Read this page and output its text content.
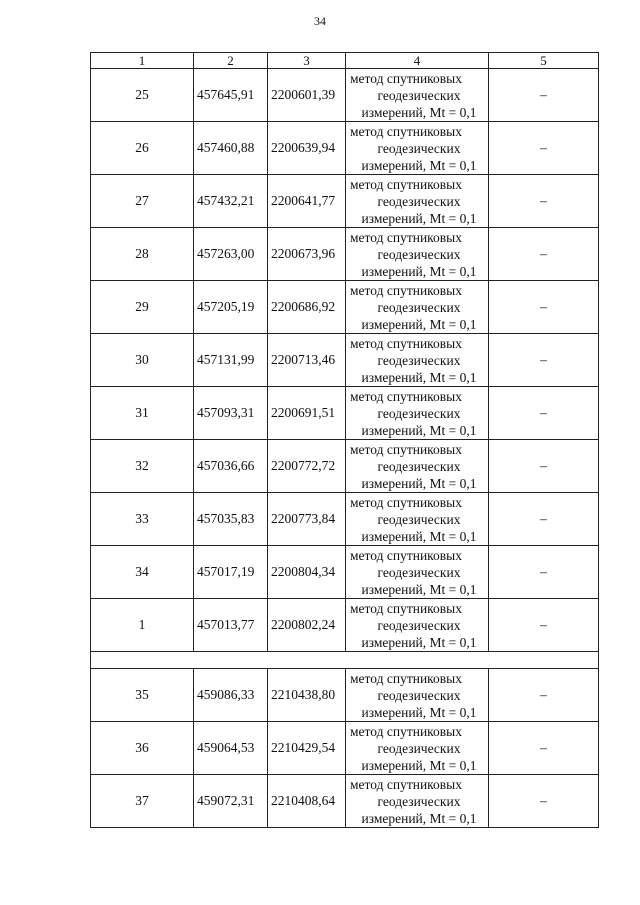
34
1	2	3	4	5
25	457645,91	2200601,39	метод спутниковых
геодезических
измерений, Mt = 0,1	–
26	457460,88	2200639,94	метод спутниковых
геодезических
измерений, Mt = 0,1	–
27	457432,21	2200641,77	метод спутниковых
геодезических
измерений, Mt = 0,1	–
28	457263,00	2200673,96	метод спутниковых
геодезических
измерений, Mt = 0,1	–
29	457205,19	2200686,92	метод спутниковых
геодезических
измерений, Mt = 0,1	–
30	457131,99	2200713,46	метод спутниковых
геодезических
измерений, Mt = 0,1	–
31	457093,31	2200691,51	метод спутниковых
геодезических
измерений, Mt = 0,1	–
32	457036,66	2200772,72	метод спутниковых
геодезических
измерений, Mt = 0,1	–
33	457035,83	2200773,84	метод спутниковых
геодезических
измерений, Mt = 0,1	–
34	457017,19	2200804,34	метод спутниковых
геодезических
измерений, Mt = 0,1	–
1	457013,77	2200802,24	метод спутниковых
геодезических
измерений, Mt = 0,1	–

35	459086,33	2210438,80	метод спутниковых
геодезических
измерений, Mt = 0,1	–
36	459064,53	2210429,54	метод спутниковых
геодезических
измерений, Mt = 0,1	–
37	459072,31	2210408,64	метод спутниковых
геодезических
измерений, Mt = 0,1	–
